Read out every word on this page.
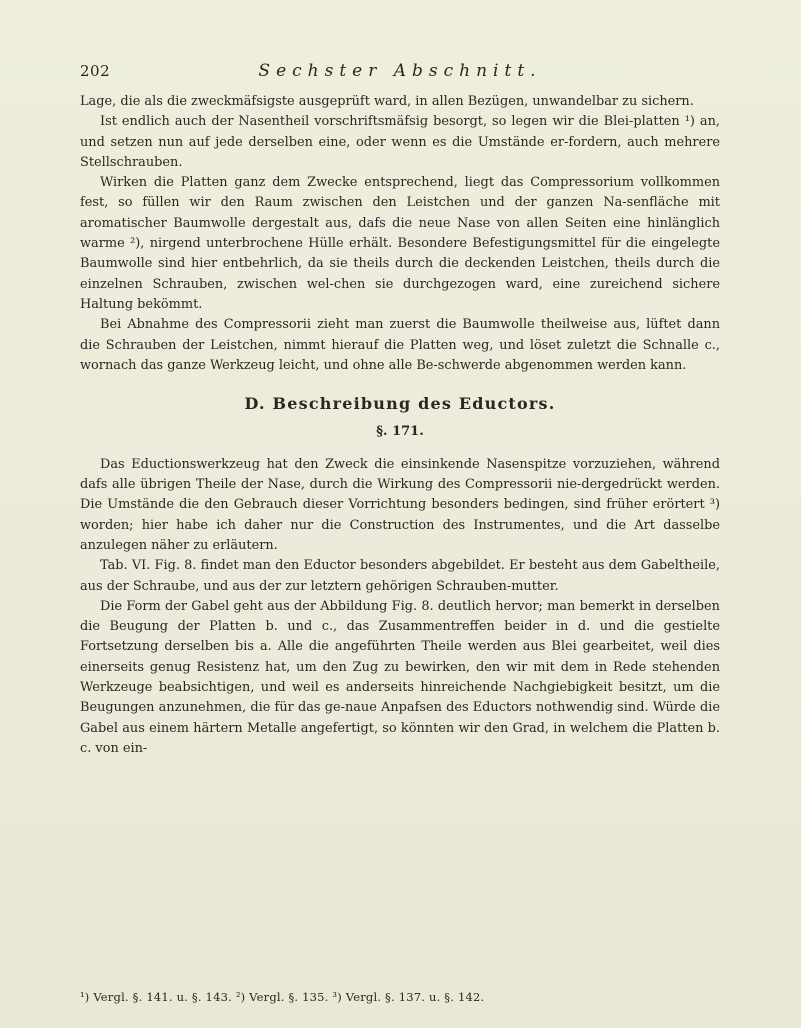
202	Sechster Abschnitt.

Lage, die als die zweckmäfsigste ausgeprüft ward, in allen Bezügen, unwandelbar zu sichern.

Ist endlich auch der Nasentheil vorschriftsmäfsig besorgt, so legen wir die Blei-platten ¹) an, und setzen nun auf jede derselben eine, oder wenn es die Umstände er-fordern, auch mehrere Stellschrauben.

Wirken die Platten ganz dem Zwecke entsprechend, liegt das Compressorium vollkommen fest, so füllen wir den Raum zwischen den Leistchen und der ganzen Na-senfläche mit aromatischer Baumwolle dergestalt aus, dafs die neue Nase von allen Seiten eine hinlänglich warme ²), nirgend unterbrochene Hülle erhält. Besondere Befestigungsmittel für die eingelegte Baumwolle sind hier entbehrlich, da sie theils durch die deckenden Leistchen, theils durch die einzelnen Schrauben, zwischen wel-chen sie durchgezogen ward, eine zureichend sichere Haltung bekömmt.

Bei Abnahme des Compressorii zieht man zuerst die Baumwolle theilweise aus, lüftet dann die Schrauben der Leistchen, nimmt hierauf die Platten weg, und löset zuletzt die Schnalle c., wornach das ganze Werkzeug leicht, und ohne alle Be-schwerde abgenommen werden kann.

D. Beschreibung des Eductors.
§. 171.

Das Eductionswerkzeug hat den Zweck die einsinkende Nasenspitze vorzuziehen, während dafs alle übrigen Theile der Nase, durch die Wirkung des Compressorii nie-dergedrückt werden. Die Umstände die den Gebrauch dieser Vorrichtung besonders bedingen, sind früher erörtert ³) worden; hier habe ich daher nur die Construction des Instrumentes, und die Art dasselbe anzulegen näher zu erläutern.

Tab. VI. Fig. 8. findet man den Eductor besonders abgebildet. Er besteht aus dem Gabeltheile, aus der Schraube, und aus der zur letztern gehörigen Schrauben-mutter.

Die Form der Gabel geht aus der Abbildung Fig. 8. deutlich hervor; man bemerkt in derselben die Beugung der Platten b. und c., das Zusammentreffen beider in d. und die gestielte Fortsetzung derselben bis a. Alle die angeführten Theile werden aus Blei gearbeitet, weil dies einerseits genug Resistenz hat, um den Zug zu bewirken, den wir mit dem in Rede stehenden Werkzeuge beabsichtigen, und weil es anderseits hinreichende Nachgiebigkeit besitzt, um die Beugungen anzunehmen, die für das ge-naue Anpafsen des Eductors nothwendig sind. Würde die Gabel aus einem härtern Metalle angefertigt, so könnten wir den Grad, in welchem die Platten b. c. von ein-

¹) Vergl. §. 141. u. §. 143. ²) Vergl. §. 135. ³) Vergl. §. 137. u. §. 142.
